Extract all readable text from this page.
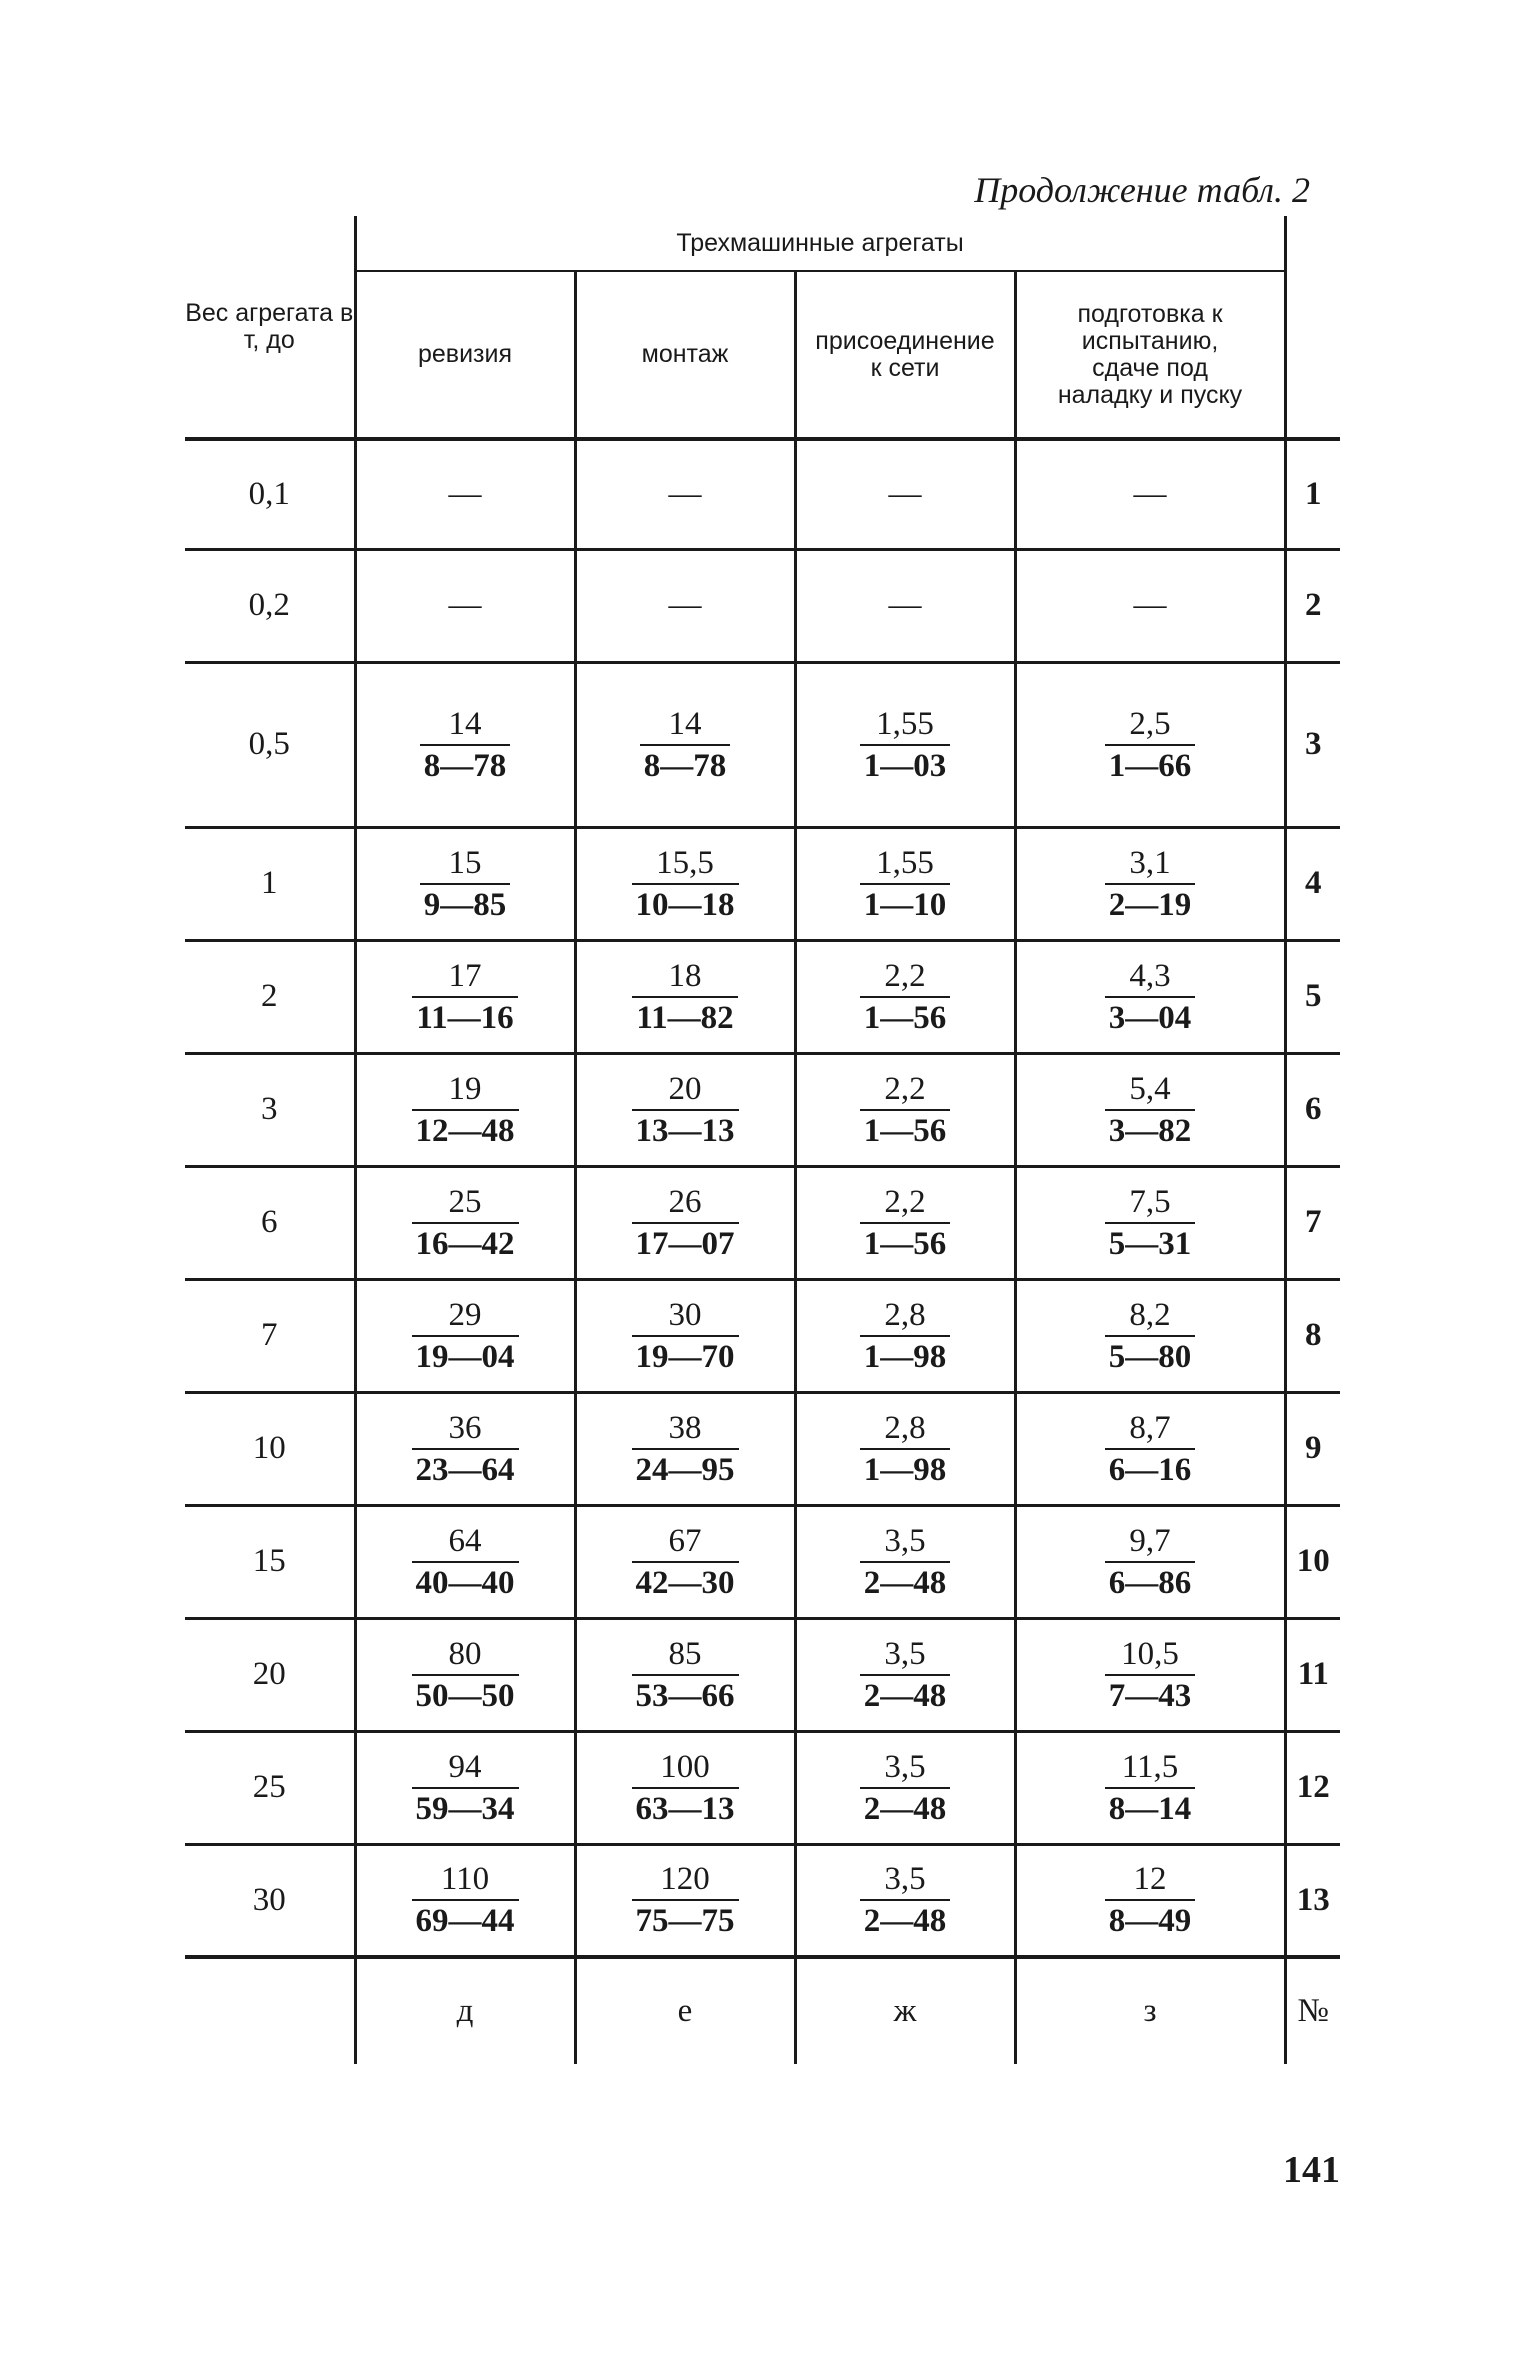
Продолжение табл. 2
Вес агрегата в т, до	Трехмашинные агрегаты				
	ревизия	монтаж	присоединение к сети	подготовка к испытанию, сдаче под наладку и пуску	
0,1	—	—	—	—	1
0,2	—	—	—	—	2
0,5	$\frac{14}{8—78}$	$\frac{14}{8—78}$	$\frac{1,55}{1—03}$	$\frac{2,5}{1—66}$	3
1	$\frac{15}{9—85}$	$\frac{15,5}{10—18}$	$\frac{1,55}{1—10}$	$\frac{3,1}{2—19}$	4
2	$\frac{17}{11—16}$	$\frac{18}{11—82}$	$\frac{2,2}{1—56}$	$\frac{4,3}{3—04}$	5
3	$\frac{19}{12—48}$	$\frac{20}{13—13}$	$\frac{2,2}{1—56}$	$\frac{5,4}{3—82}$	6
6	$\frac{25}{16—42}$	$\frac{26}{17—07}$	$\frac{2,2}{1—56}$	$\frac{7,5}{5—31}$	7
7	$\frac{29}{19—04}$	$\frac{30}{19—70}$	$\frac{2,8}{1—98}$	$\frac{8,2}{5—80}$	8
10	$\frac{36}{23—64}$	$\frac{38}{24—95}$	$\frac{2,8}{1—98}$	$\frac{8,7}{6—16}$	9
15	$\frac{64}{40—40}$	$\frac{67}{42—30}$	$\frac{3,5}{2—48}$	$\frac{9,7}{6—86}$	10
20	$\frac{80}{50—50}$	$\frac{85}{53—66}$	$\frac{3,5}{2—48}$	$\frac{10,5}{7—43}$	11
25	$\frac{94}{59—34}$	$\frac{100}{63—13}$	$\frac{3,5}{2—48}$	$\frac{11,5}{8—14}$	12
30	$\frac{110}{69—44}$	$\frac{120}{75—75}$	$\frac{3,5}{2—48}$	$\frac{12}{8—49}$	13
	д	е	ж	з	№
141
